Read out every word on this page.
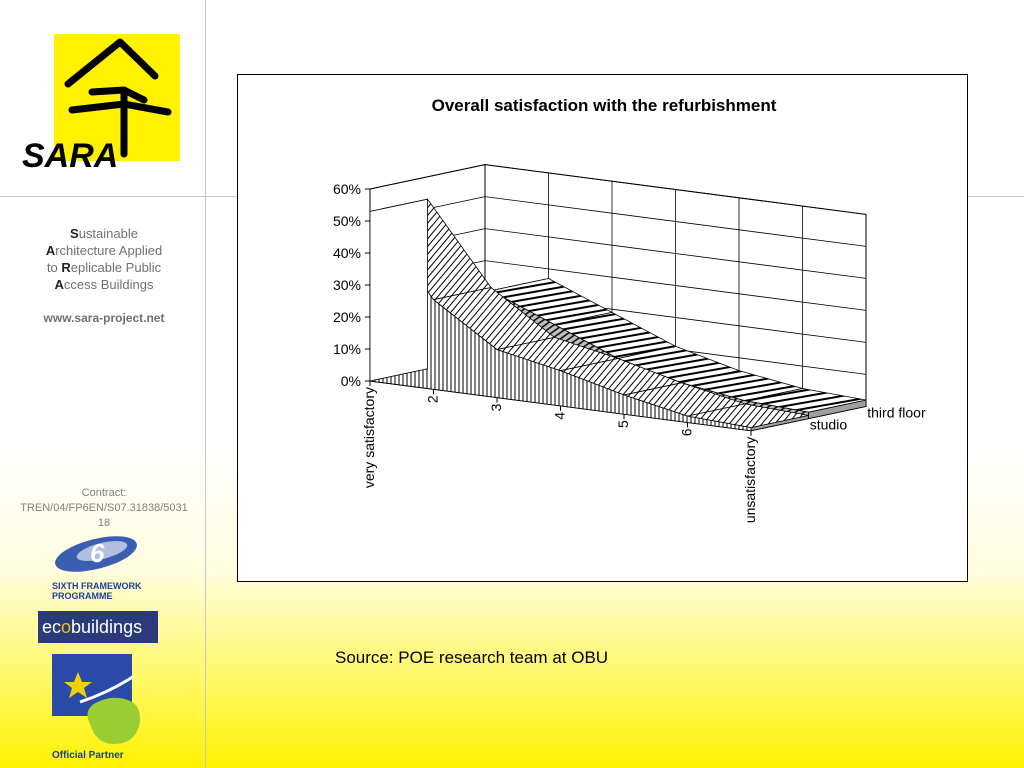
SARA
Sustainable
Architecture Applied
to Replicable Public
Access Buildings
www.sara-project.net
Contract:
TREN/04/FP6EN/S07.31838/503118
6
SIXTH FRAMEWORK
PROGRAMME
ecobuildings
Official Partner
Overall satisfaction with the refurbishment
0%
10%
20%
30%
40%
50%
60%
very satisfactory	2
3
4
5
6
unsatisfactory
studio
third floor
Source: POE research team at OBU
